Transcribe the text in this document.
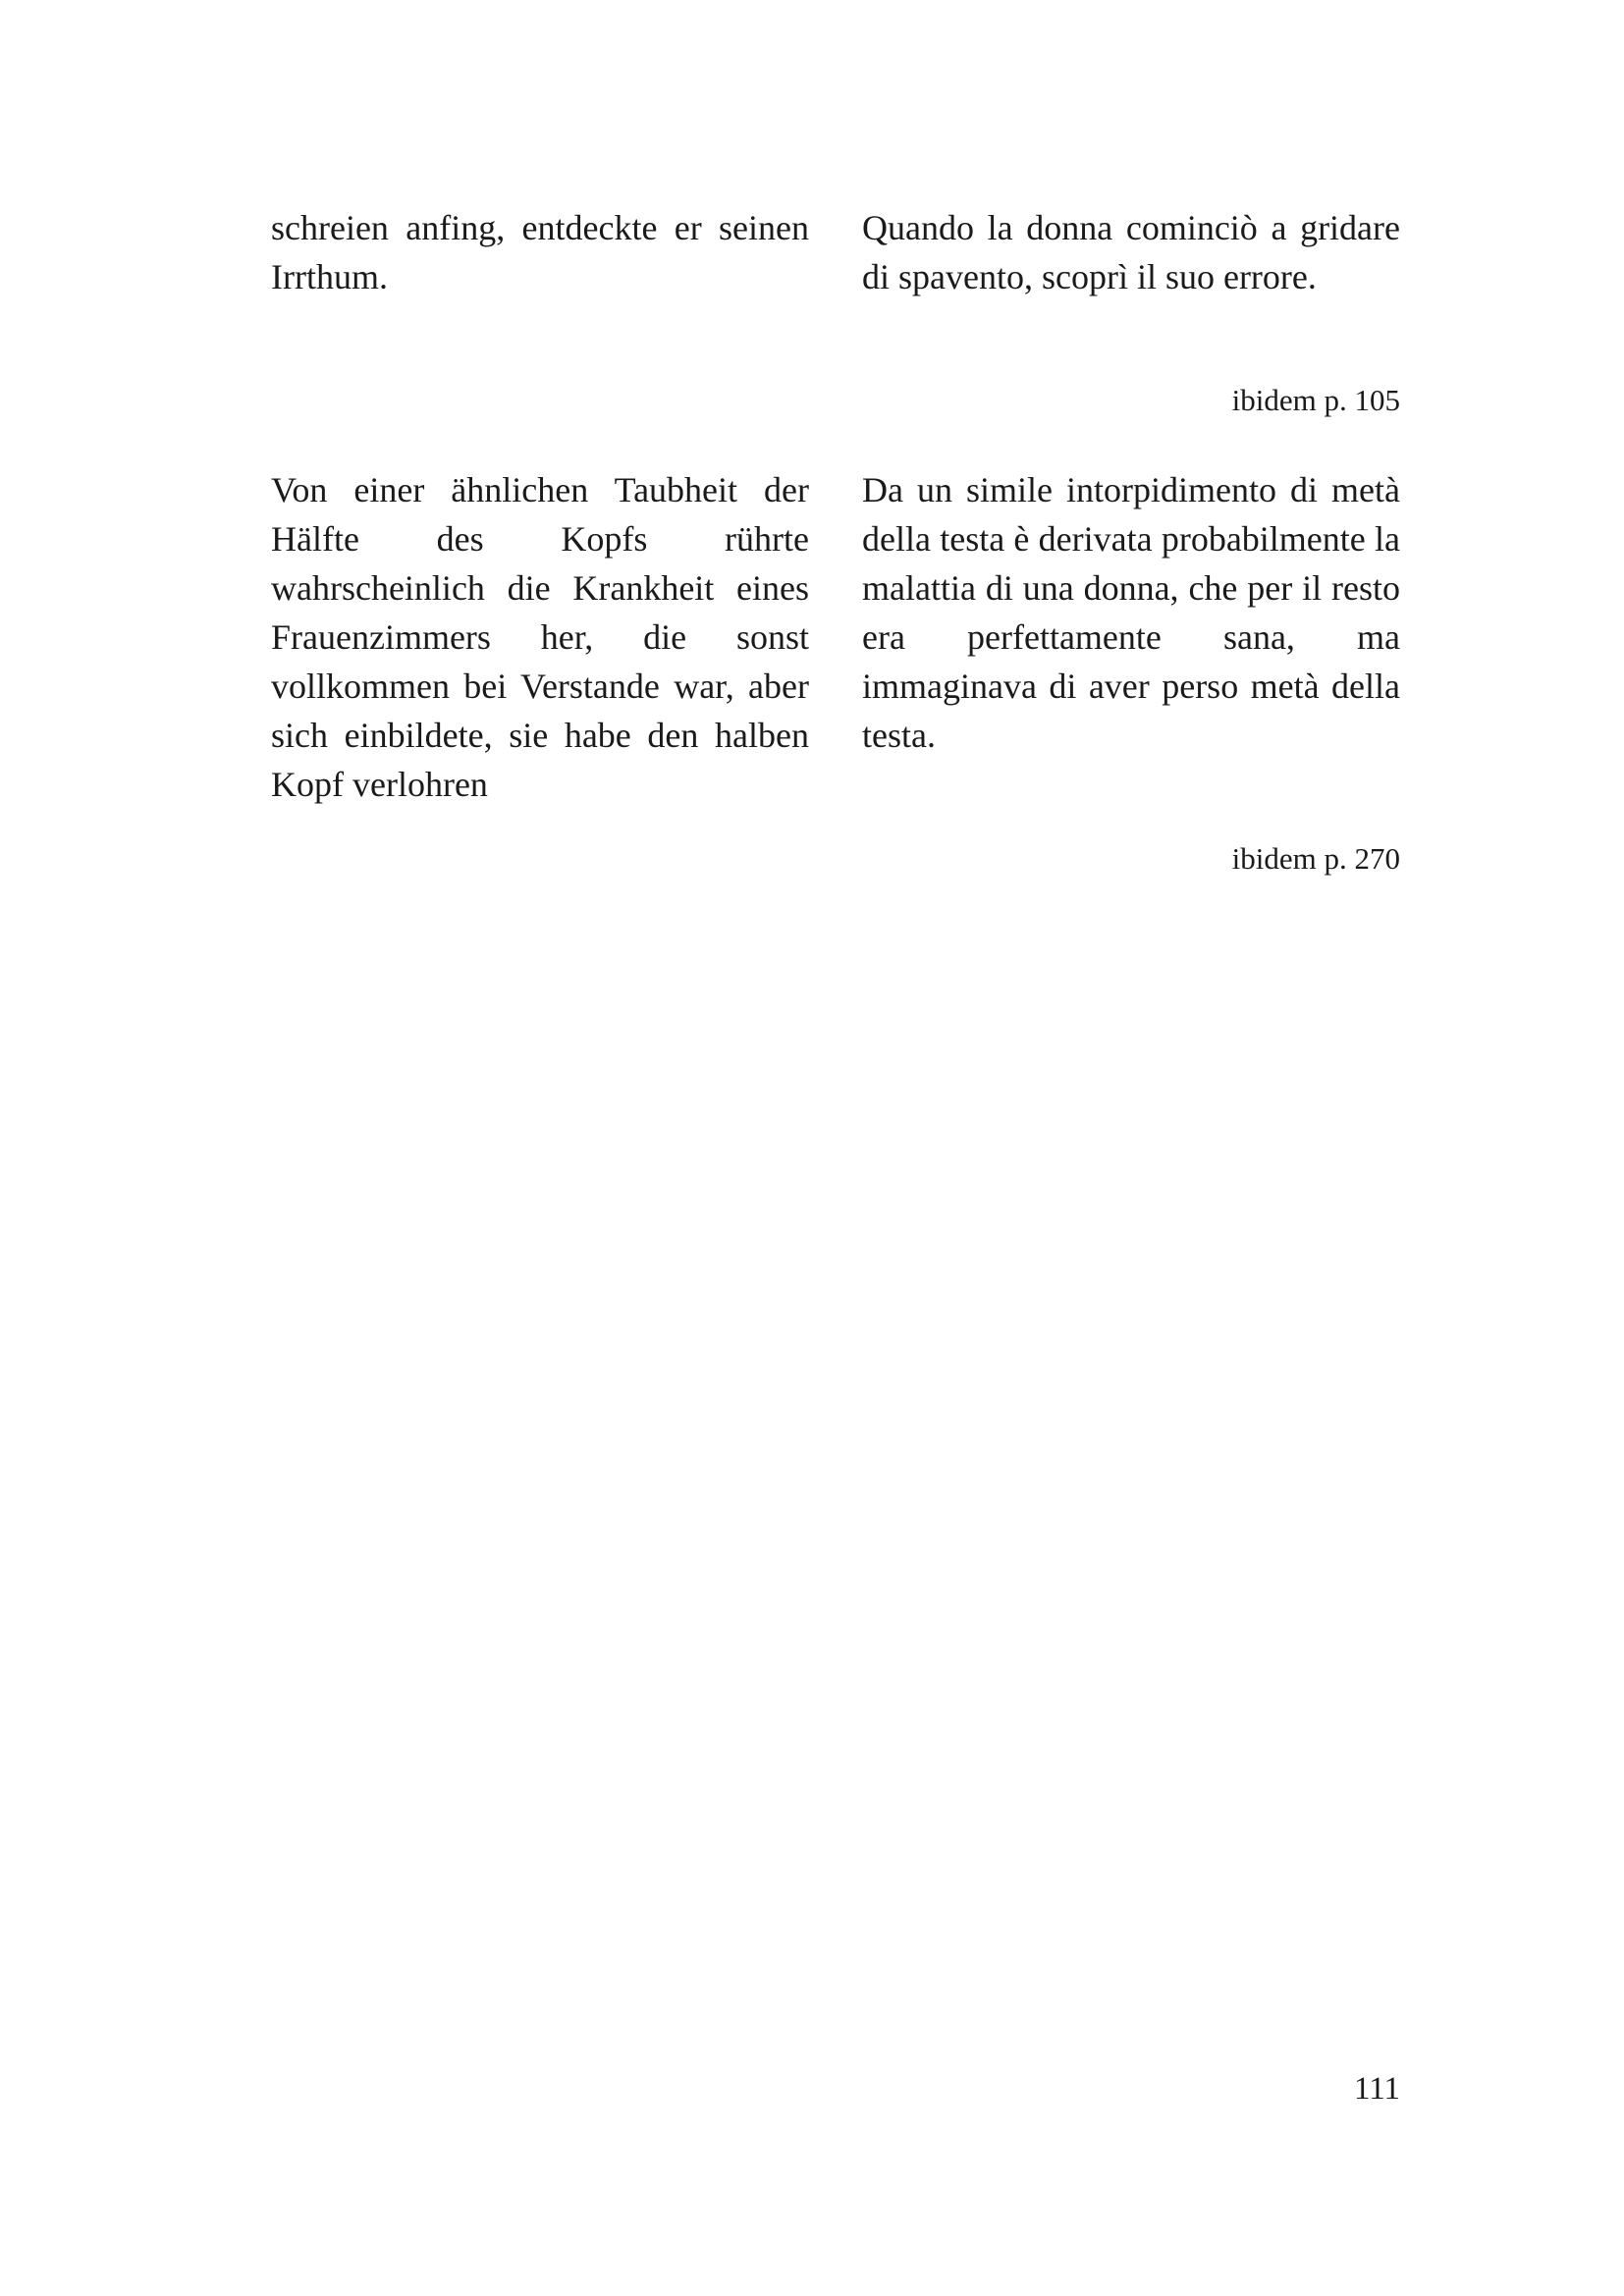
schreien anfing, entdeckte er seinen Irrthum.
Quando la donna cominciò a gridare di spavento, scoprì il suo errore.
ibidem p. 105
Von einer ähnlichen Taubheit der Hälfte des Kopfs rührte wahrscheinlich die Krankheit eines Frauenzimmers her, die sonst vollkommen bei Verstande war, aber sich einbildete, sie habe den halben Kopf verlohren
Da un simile intorpidimento di metà della testa è derivata probabilmente la malattia di una donna, che per il resto era perfettamente sana, ma immaginava di aver perso metà della testa.
ibidem p. 270
111
